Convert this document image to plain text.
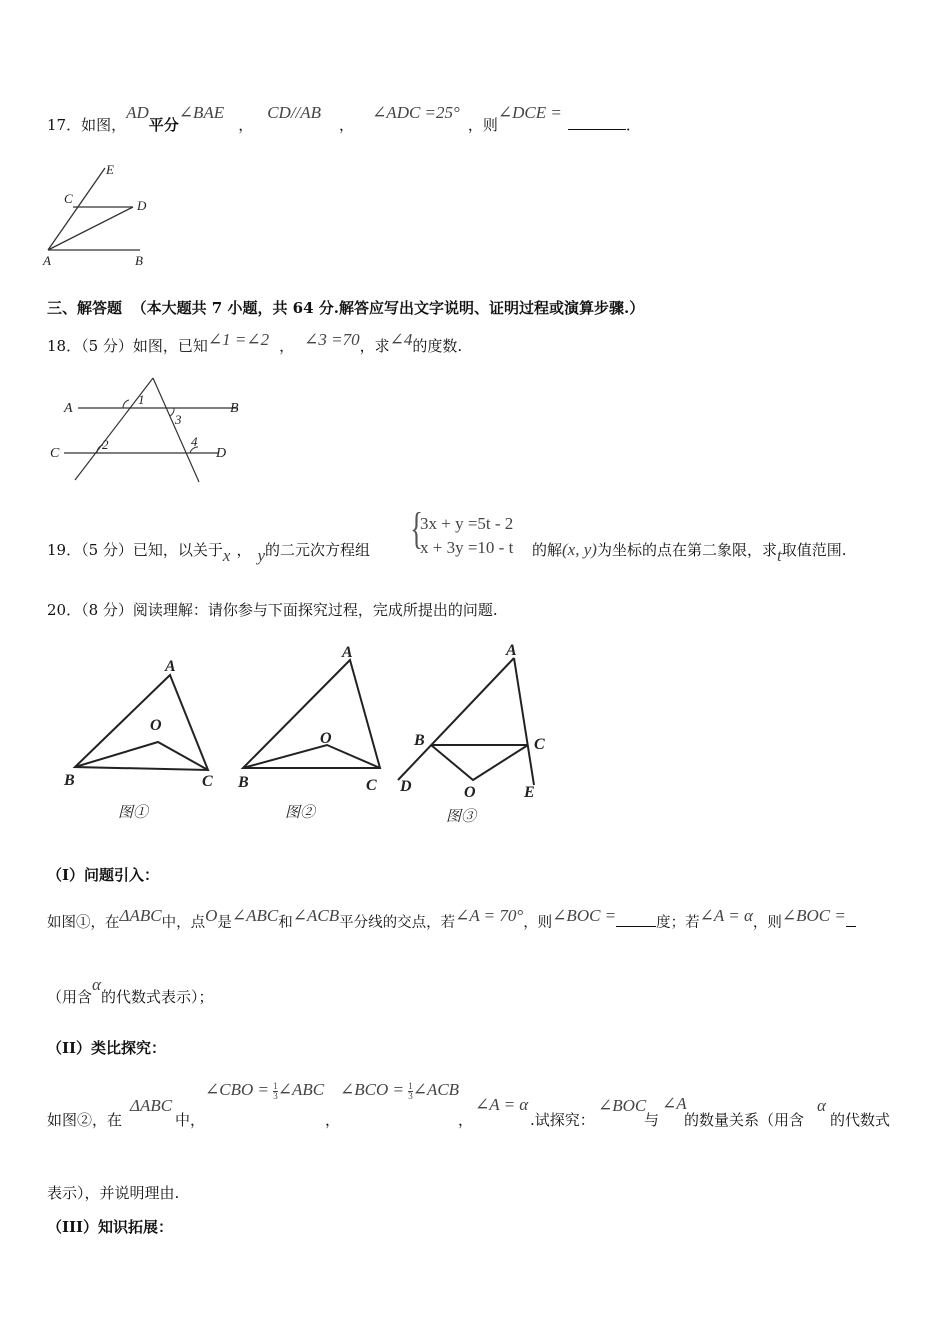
17．如图，AD平分∠BAE，CD//AB，∠ADC =25°，则∠DCE =．
E
C	D
A	B
三、解答题 （本大题共 7 小题，共 64 分.解答应写出文字说明、证明过程或演算步骤.）
18．（5 分）如图，已知∠1 =∠2 ， ∠3 =70，求∠4的度数.
A	B
C	D
1
2
3
4
19．（5 分）已知，以关于x ， y的二元次方程组 {
3x + y =5t - 2
x + 3y =10 - t 的解(x, y)为坐标的点在第二象限，求t取值范围.
20．（8 分）阅读理解：请你参与下面探究过程，完成所提出的问题.
A
O
B	C
图①
A
O
B	C
图②
A
B	C
D	O	E
图③
（I）问题引入：
如图①，在ΔABC中，点O是∠ABC和∠ACB平分线的交点，若∠A = 70°，则∠BOC =	度；若∠A = α，则∠BOC =
（用含α的代数式表示）；
（II）类比探究：
ΔABC
∠CBO = $\frac{1}{3}$ ∠ABC ∠BCO = $\frac{1}{3}$ ∠ACB
∠A = α	∠BOC ∠A	α
如图②，在	中，	，	，	.试探究：	与 的数量关系（用含 的代数式
表示），并说明理由.
（III）知识拓展：
